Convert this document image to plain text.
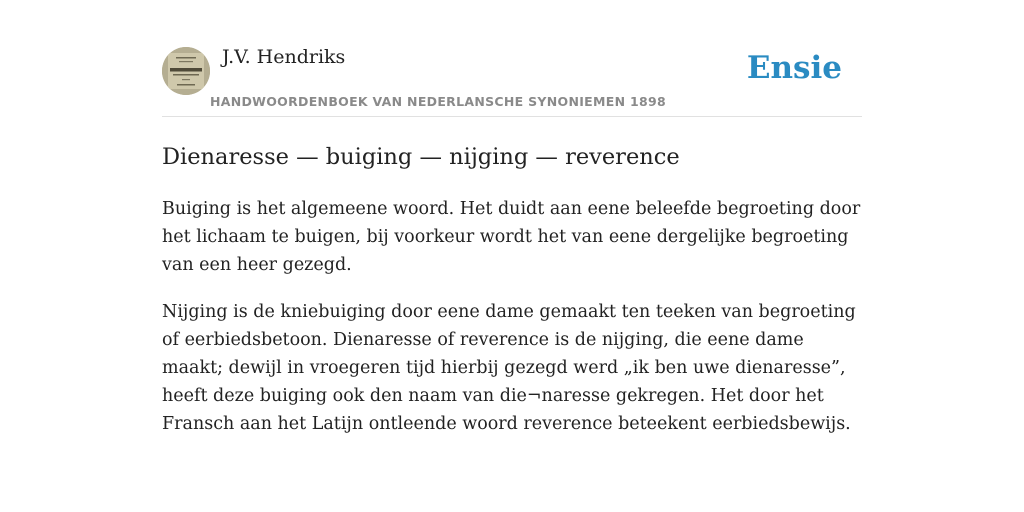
J.V. Hendriks
HANDWOORDENBOEK VAN NEDERLANSCHE SYNONIEMEN 1898
Ensie
Dienaresse — buiging — nijging — reverence

Buiging is het algemeene woord. Het duidt aan eene beleefde begroeting door het lichaam te buigen, bij voorkeur wordt het van eene dergelijke begroeting van een heer gezegd.

Nijging is de kniebuiging door eene dame gemaakt ten teeken van begroeting of eerbiedsbetoon. Dienaresse of reverence is de nijging, die eene dame maakt; dewijl in vroegeren tijd hierbij gezegd werd „ik ben uwe dienaresse”, heeft deze buiging ook den naam van die¬naresse gekregen. Het door het Fransch aan het Latijn ontleende woord reverence beteekent eerbiedsbewijs.
